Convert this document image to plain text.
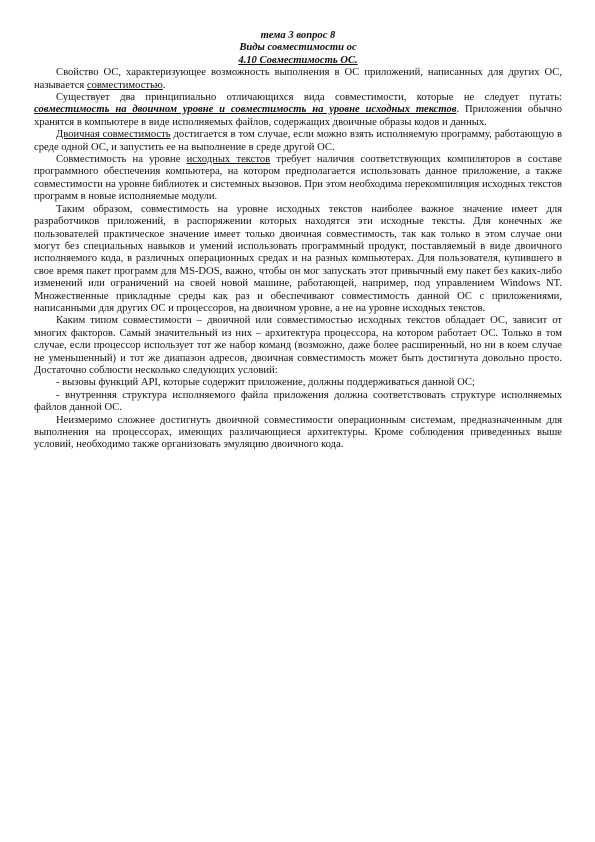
тема 3 вопрос 8

Виды совместимости ос

4.10 Совместимость ОС.

Свойство ОС, характеризующее возможность выполнения в ОС приложений, написанных для других ОС, называется совместимостью.

Существует два принципиально отличающихся вида совместимости, которые не следует путать: совместимость на двоичном уровне и совместимость на уровне исходных текстов. Приложения обычно хранятся в компьютере в виде исполняемых файлов, содержащих двоичные образы кодов и данных.

Двоичная совместимость достигается в том случае, если можно взять исполняемую программу, работающую в среде одной ОС, и запустить ее на выполнение в среде другой ОС.

Совместимость на уровне исходных текстов требует наличия соответствующих компиляторов в составе программного обеспечения компьютера, на котором предполагается использовать данное приложение, а также совместимости на уровне библиотек и системных вызовов. При этом необходима перекомпиляция исходных текстов программ в новые исполняемые модули.

Таким образом, совместимость на уровне исходных текстов наиболее важное значение имеет для разработчиков приложений, в распоряжении которых находятся эти исходные тексты. Для конечных же пользователей практическое значение имеет только двоичная совместимость, так как только в этом случае они могут без специальных навыков и умений использовать программный продукт, поставляемый в виде двоичного исполняемого кода, в различных операционных средах и на разных компьютерах. Для пользователя, купившего в свое время пакет программ для MS-DOS, важно, чтобы он мог запускать этот привычный ему пакет без каких-либо изменений или ограничений на своей новой машине, работающей, например, под управлением Windows NT. Множественные прикладные среды как раз и обеспечивают совместимость данной ОС с приложениями, написанными для других ОС и процессоров, на двоичном уровне, а не на уровне исходных текстов.

Каким типом совместимости – двоичной или совместимостью исходных текстов обладает ОС, зависит от многих факторов. Самый значительный из них – архитектура процессора, на котором работает ОС. Только в том случае, если процессор использует тот же набор команд (возможно, даже более расширенный, но ни в коем случае не уменьшенный) и тот же диапазон адресов, двоичная совместимость может быть достигнута довольно просто. Достаточно соблюсти несколько следующих условий:

- вызовы функций API, которые содержит приложение, должны поддерживаться данной ОС;

- внутренняя структура исполняемого файла приложения должна соответствовать структуре исполняемых файлов данной ОС.

Неизмеримо сложнее достигнуть двоичной совместимости операционным системам, предназначенным для выполнения на процессорах, имеющих различающиеся архитектуры. Кроме соблюдения приведенных выше условий, необходимо также организовать эмуляцию двоичного кода.
